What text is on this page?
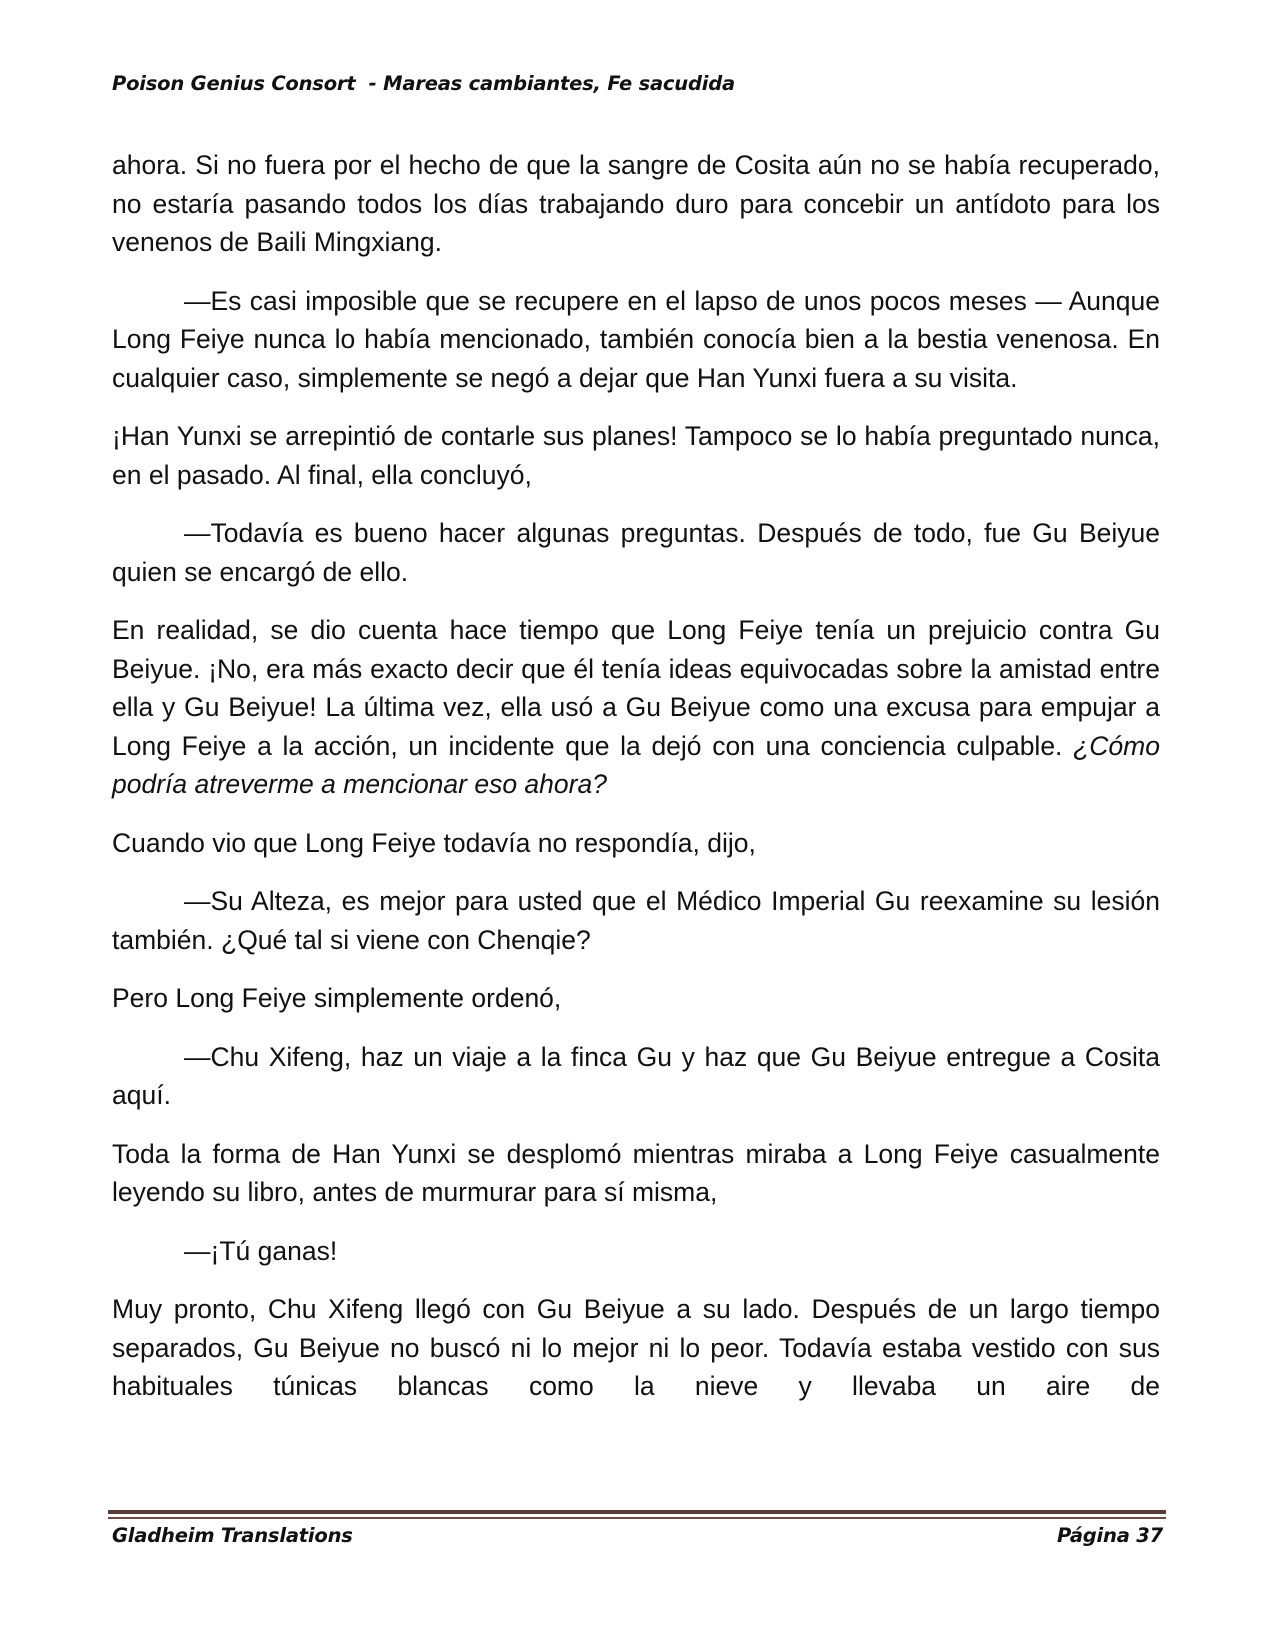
Poison Genius Consort  - Mareas cambiantes, Fe sacudida

ahora. Si no fuera por el hecho de que la sangre de Cosita aún no se había recuperado, no estaría pasando todos los días trabajando duro para concebir un antídoto para los venenos de Baili Mingxiang.

—Es casi imposible que se recupere en el lapso de unos pocos meses — Aunque Long Feiye nunca lo había mencionado, también conocía bien a la bestia venenosa. En cualquier caso, simplemente se negó a dejar que Han Yunxi fuera a su visita.

¡Han Yunxi se arrepintió de contarle sus planes! Tampoco se lo había preguntado nunca, en el pasado. Al final, ella concluyó,

—Todavía es bueno hacer algunas preguntas. Después de todo, fue Gu Beiyue quien se encargó de ello.

En realidad, se dio cuenta hace tiempo que Long Feiye tenía un prejuicio contra Gu Beiyue. ¡No, era más exacto decir que él tenía ideas equivocadas sobre la amistad entre ella y Gu Beiyue! La última vez, ella usó a Gu Beiyue como una excusa para empujar a Long Feiye a la acción, un incidente que la dejó con una conciencia culpable. ¿Cómo podría atreverme a mencionar eso ahora?

Cuando vio que Long Feiye todavía no respondía, dijo,

—Su Alteza, es mejor para usted que el Médico Imperial Gu reexamine su lesión también. ¿Qué tal si viene con Chenqie?

Pero Long Feiye simplemente ordenó,

—Chu Xifeng, haz un viaje a la finca Gu y haz que Gu Beiyue entregue a Cosita aquí.

Toda la forma de Han Yunxi se desplomó mientras miraba a Long Feiye casualmente leyendo su libro, antes de murmurar para sí misma,

—¡Tú ganas!

Muy pronto, Chu Xifeng llegó con Gu Beiyue a su lado. Después de un largo tiempo separados, Gu Beiyue no buscó ni lo mejor ni lo peor. Todavía estaba vestido con sus habituales túnicas blancas como la nieve y llevaba un aire de

Gladheim Translations	Página 37
